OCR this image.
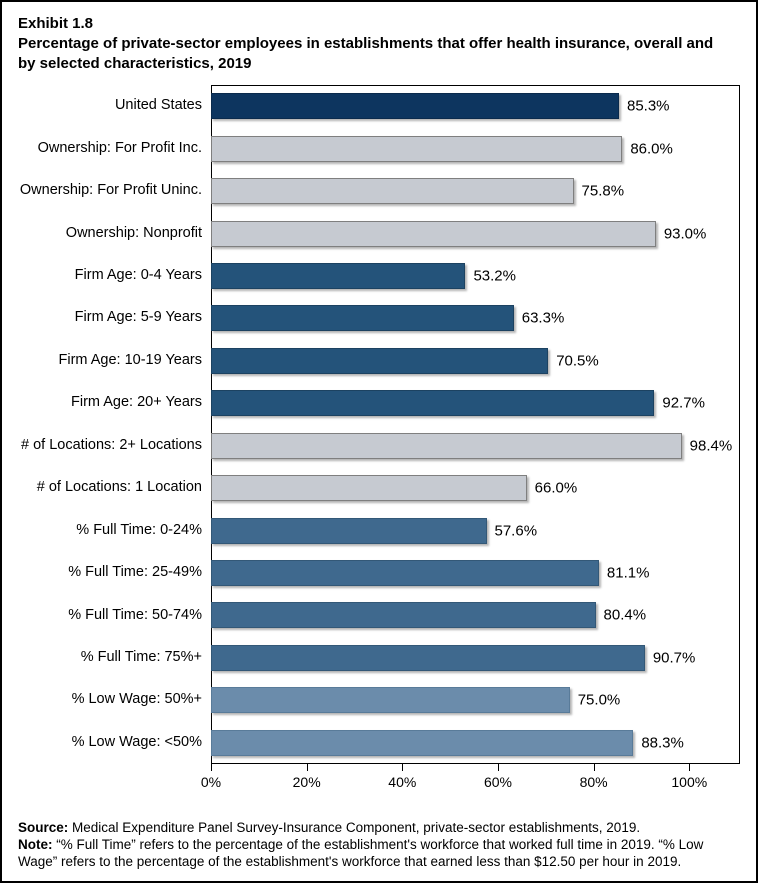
Exhibit 1.8
Percentage of private-sector employees in establishments that offer health insurance, overall and by selected characteristics, 2019
United States	85.3%
Ownership: For Profit Inc.	86.0%
Ownership: For Profit Uninc.	75.8%
Ownership: Nonprofit	93.0%
Firm Age: 0-4 Years	53.2%
Firm Age: 5-9 Years	63.3%
Firm Age: 10-19 Years	70.5%
Firm Age: 20+ Years	92.7%
# of Locations: 2+ Locations	98.4%
# of Locations: 1 Location	66.0%
% Full Time: 0-24%	57.6%
% Full Time: 25-49%	81.1%
% Full Time: 50-74%	80.4%
% Full Time: 75%+	90.7%
% Low Wage: 50%+	75.0%
% Low Wage: <50%	88.3%
0%	20%	40%	60%	80%	100%

Source: Medical Expenditure Panel Survey-Insurance Component, private-sector establishments, 2019.

Note: “% Full Time” refers to the percentage of the establishment's workforce that worked full time in 2019. “% Low Wage” refers to the percentage of the establishment's workforce that earned less than $12.50 per hour in 2019.
